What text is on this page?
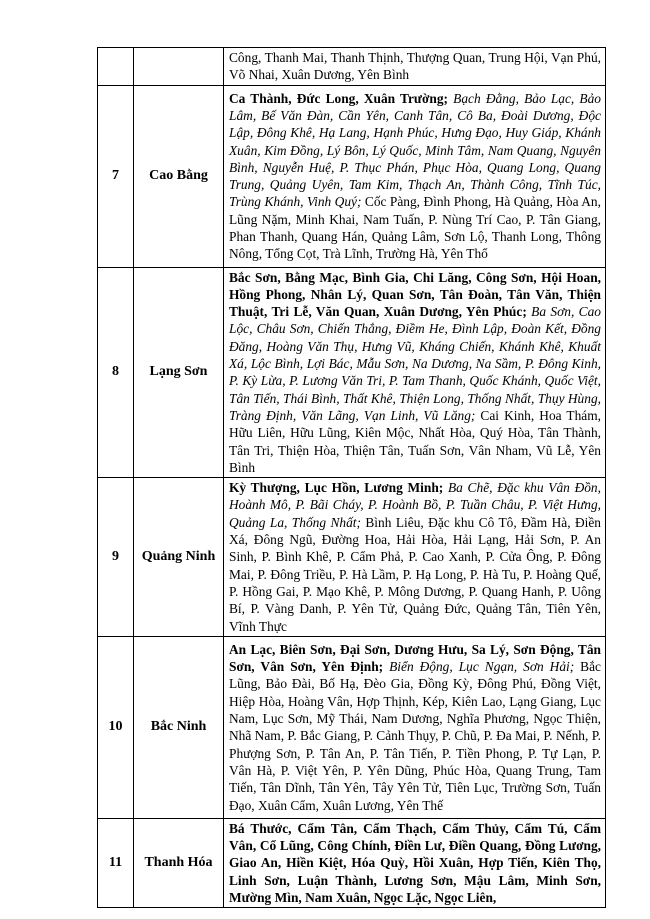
		Công, Thanh Mai, Thanh Thịnh, Thượng Quan, Trung Hội, Vạn Phú, Võ Nhai, Xuân Dương, Yên Bình
7	Cao Bằng	Ca Thành, Đức Long, Xuân Trường; Bạch Đằng, Bảo Lạc, Bảo Lâm, Bế Văn Đàn, Cần Yên, Canh Tân, Cô Ba, Đoài Dương, Độc Lập, Đông Khê, Hạ Lang, Hạnh Phúc, Hưng Đạo, Huy Giáp, Khánh Xuân, Kim Đồng, Lý Bôn, Lý Quốc, Minh Tâm, Nam Quang, Nguyên Bình, Nguyễn Huệ, P. Thục Phán, Phục Hòa, Quang Long, Quang Trung, Quảng Uyên, Tam Kim, Thạch An, Thành Công, Tĩnh Túc, Trùng Khánh, Vinh Quý; Cốc Pàng, Đình Phong, Hà Quảng, Hòa An, Lũng Nặm, Minh Khai, Nam Tuấn, P. Nùng Trí Cao, P. Tân Giang, Phan Thanh, Quang Hán, Quảng Lâm, Sơn Lộ, Thanh Long, Thông Nông, Tổng Cọt, Trà Lĩnh, Trường Hà, Yên Thổ
8	Lạng Sơn	Bắc Sơn, Bằng Mạc, Bình Gia, Chi Lăng, Công Sơn, Hội Hoan, Hồng Phong, Nhân Lý, Quan Sơn, Tân Đoàn, Tân Văn, Thiện Thuật, Tri Lễ, Văn Quan, Xuân Dương, Yên Phúc; Ba Sơn, Cao Lộc, Châu Sơn, Chiến Thắng, Điềm He, Đình Lập, Đoàn Kết, Đồng Đăng, Hoàng Văn Thụ, Hưng Vũ, Kháng Chiến, Khánh Khê, Khuất Xá, Lộc Bình, Lợi Bác, Mẫu Sơn, Na Dương, Na Sầm, P. Đông Kinh, P. Kỳ Lừa, P. Lương Văn Tri, P. Tam Thanh, Quốc Khánh, Quốc Việt, Tân Tiến, Thái Bình, Thất Khê, Thiện Long, Thống Nhất, Thụy Hùng, Tràng Định, Văn Lãng, Vạn Linh, Vũ Lăng; Cai Kinh, Hoa Thám, Hữu Liên, Hữu Lũng, Kiên Mộc, Nhất Hòa, Quý Hòa, Tân Thành, Tân Tri, Thiện Hòa, Thiện Tân, Tuấn Sơn, Vân Nham, Vũ Lễ, Yên Bình
9	Quảng Ninh	Kỳ Thượng, Lục Hồn, Lương Minh; Ba Chẽ, Đặc khu Vân Đồn, Hoành Mô, P. Bãi Cháy, P. Hoành Bồ, P. Tuần Châu, P. Việt Hưng, Quảng La, Thống Nhất; Bình Liêu, Đặc khu Cô Tô, Đầm Hà, Điền Xá, Đông Ngũ, Đường Hoa, Hải Hòa, Hải Lạng, Hải Sơn, P. An Sinh, P. Bình Khê, P. Cẩm Phả, P. Cao Xanh, P. Cửa Ông, P. Đông Mai, P. Đông Triều, P. Hà Lầm, P. Hạ Long, P. Hà Tu, P. Hoàng Quế, P. Hồng Gai, P. Mạo Khê, P. Mông Dương, P. Quang Hanh, P. Uông Bí, P. Vàng Danh, P. Yên Tử, Quảng Đức, Quảng Tân, Tiên Yên, Vĩnh Thực
10	Bắc Ninh	An Lạc, Biên Sơn, Đại Sơn, Dương Hưu, Sa Lý, Sơn Động, Tân Sơn, Vân Sơn, Yên Định; Biển Động, Lục Ngạn, Sơn Hải; Bắc Lũng, Bảo Đài, Bố Hạ, Đèo Gia, Đồng Kỳ, Đông Phú, Đồng Việt, Hiệp Hòa, Hoàng Vân, Hợp Thịnh, Kép, Kiên Lao, Lạng Giang, Lục Nam, Lục Sơn, Mỹ Thái, Nam Dương, Nghĩa Phương, Ngọc Thiện, Nhã Nam, P. Bắc Giang, P. Cảnh Thụy, P. Chũ, P. Đa Mai, P. Nếnh, P. Phượng Sơn, P. Tân An, P. Tân Tiến, P. Tiền Phong, P. Tự Lạn, P. Vân Hà, P. Việt Yên, P. Yên Dũng, Phúc Hòa, Quang Trung, Tam Tiến, Tân Dĩnh, Tân Yên, Tây Yên Tử, Tiên Lục, Trường Sơn, Tuấn Đạo, Xuân Cẩm, Xuân Lương, Yên Thế
11	Thanh Hóa	Bá Thước, Cẩm Tân, Cẩm Thạch, Cẩm Thủy, Cẩm Tú, Cẩm Vân, Cổ Lũng, Công Chính, Điền Lư, Điền Quang, Đồng Lương, Giao An, Hiền Kiệt, Hóa Quỳ, Hồi Xuân, Hợp Tiến, Kiên Thọ, Linh Sơn, Luận Thành, Lương Sơn, Mậu Lâm, Minh Sơn, Mường Mìn, Nam Xuân, Ngọc Lặc, Ngọc Liên,
